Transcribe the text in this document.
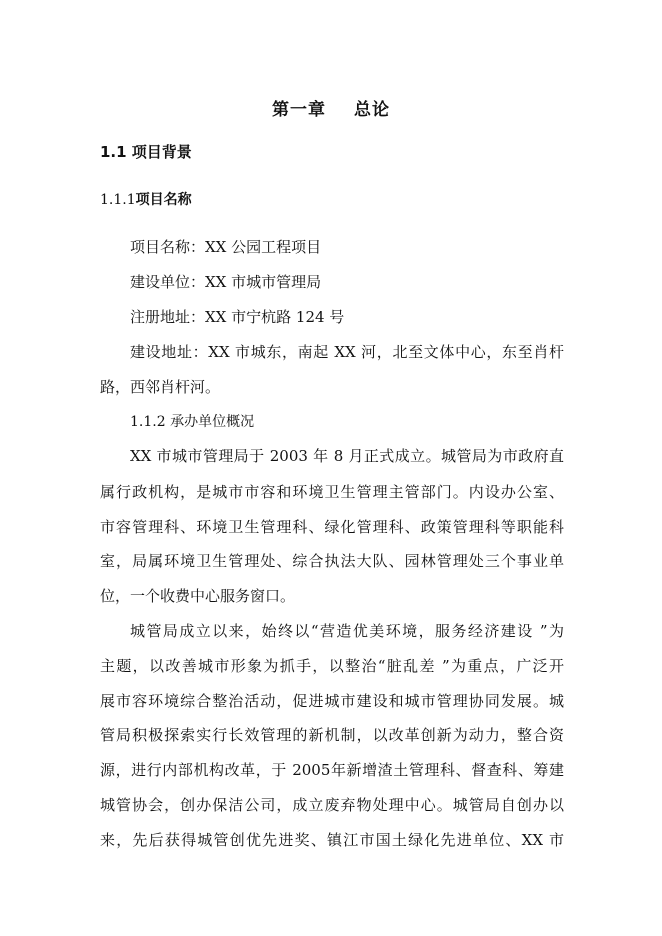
第一章 总论
1.1 项目背景
1.1.1项目名称
项目名称：XX 公园工程项目
建设单位：XX 市城市管理局
注册地址：XX 市宁杭路 124 号
建设地址：XX 市城东，南起 XX 河，北至文体中心，东至肖杆
路，西邻肖杆河。
1.1.2 承办单位概况
XX 市城市管理局于 2003 年 8 月正式成立。城管局为市政府直
属行政机构，是城市市容和环境卫生管理主管部门。内设办公室、
市容管理科、环境卫生管理科、绿化管理科、政策管理科等职能科
室，局属环境卫生管理处、综合执法大队、园林管理处三个事业单
位，一个收费中心服务窗口。
城管局成立以来，始终以“营造优美环境，服务经济建设 ”为
主题，以改善城市形象为抓手，以整治“脏乱差 ”为重点，广泛开
展市容环境综合整治活动，促进城市建设和城市管理协同发展。城
管局积极探索实行长效管理的新机制，以改革创新为动力，整合资
源，进行内部机构改革，于 2005年新增渣土管理科、督查科、筹建
城管协会，创办保洁公司，成立废弃物处理中心。城管局自创办以
来，先后获得城管创优先进奖、镇江市国土绿化先进单位、XX 市
